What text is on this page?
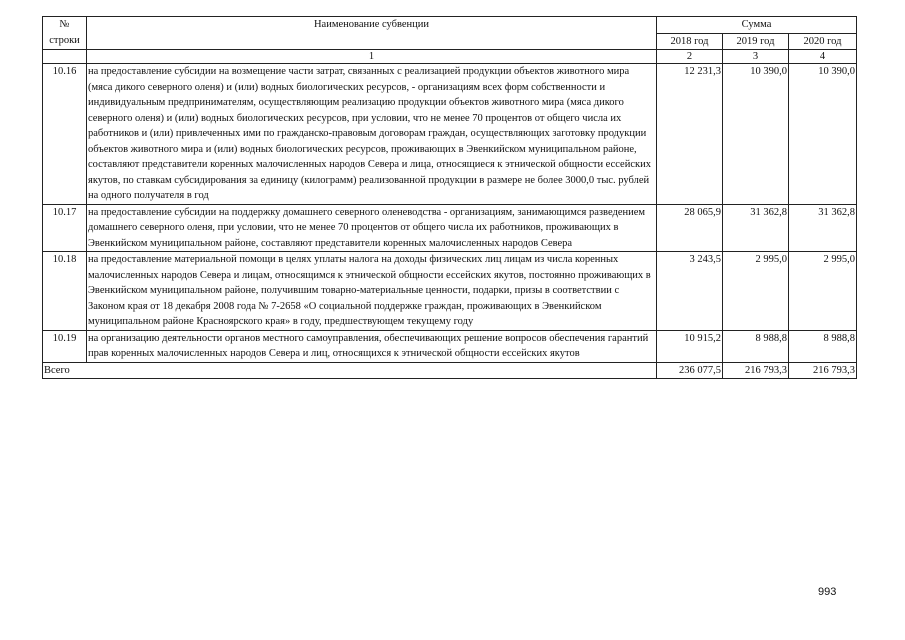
№
строки	Наименование субвенции	Сумма		
		2018 год	2019 год	2020 год
	1	2	3	4
10.16	на предоставление субсидии на возмещение части затрат, связанных с реализацией продукции объектов животного мира (мяса дикого северного оленя) и (или) водных биологических ресурсов, - организациям всех форм собственности и индивидуальным предпринимателям, осуществляющим реализацию продукции объектов животного мира (мяса дикого северного оленя) и (или) водных биологических ресурсов, при условии, что не менее 70 процентов от общего числа их работников и (или) привлеченных ими по гражданско-правовым договорам граждан, осуществляющих заготовку продукции объектов животного мира и (или) водных биологических ресурсов, проживающих в Эвенкийском муниципальном районе, составляют представители коренных малочисленных народов Севера и лица, относящиеся к этнической общности ессейских якутов, по ставкам субсидирования за единицу (килограмм) реализованной продукции в размере не более 3000,0 тыс. рублей на одного получателя в год	12 231,3	10 390,0	10 390,0
10.17	на предоставление субсидии на поддержку домашнего северного оленеводства - организациям, занимающимся разведением домашнего северного оленя, при условии, что не менее 70 процентов от общего числа их работников, проживающих в Эвенкийском муниципальном районе, составляют представители коренных малочисленных народов Севера	28 065,9	31 362,8	31 362,8
10.18	на предоставление материальной помощи в целях уплаты налога на доходы физических лиц лицам из числа коренных малочисленных народов Севера и лицам, относящимся к этнической общности ессейских якутов, постоянно проживающих в Эвенкийском муниципальном районе, получившим товарно-материальные ценности, подарки, призы в соответствии с Законом края от 18 декабря 2008 года № 7-2658 «О социальной поддержке граждан, проживающих в Эвенкийском муниципальном районе Красноярского края» в году, предшествующем текущему году	3 243,5	2 995,0	2 995,0
10.19	на организацию деятельности органов местного самоуправления, обеспечивающих решение вопросов обеспечения гарантий прав коренных малочисленных народов Севера и лиц, относящихся к этнической общности ессейских якутов	10 915,2	8 988,8	8 988,8
Всего		236 077,5	216 793,3	216 793,3
993
